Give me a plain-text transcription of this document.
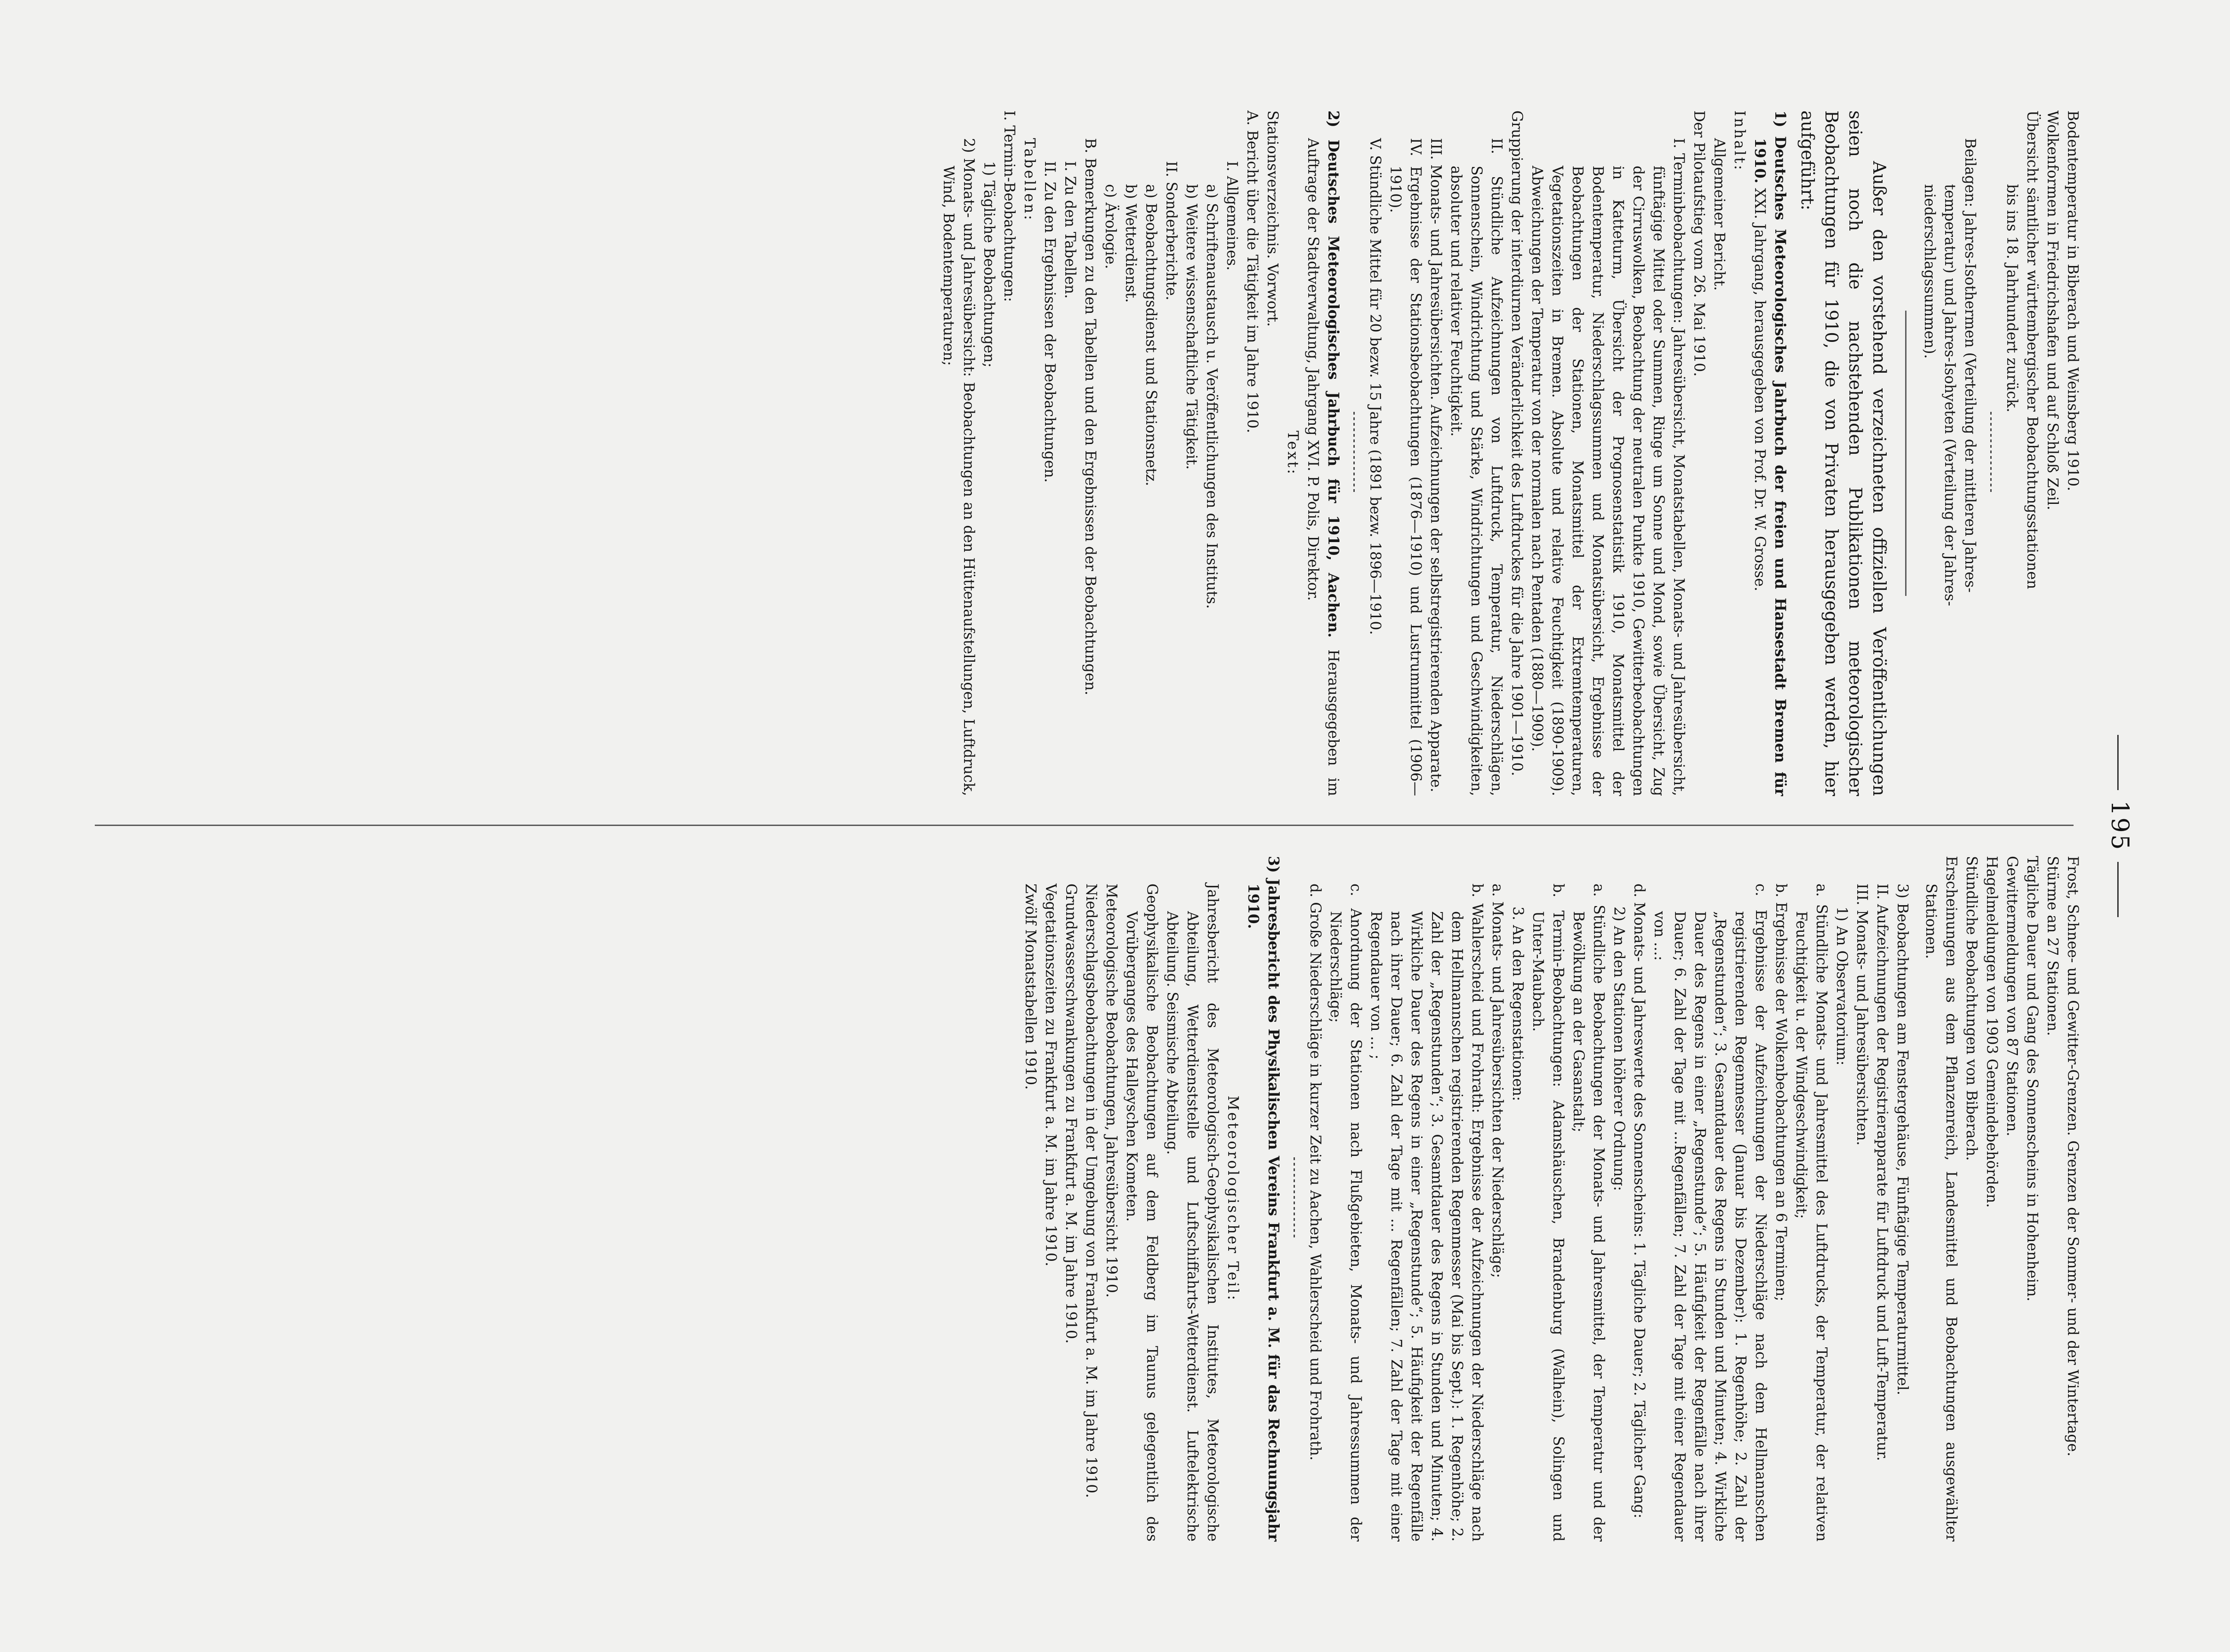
195

Bodentemperatur in Biberach und Weinsberg 1910.

Wolkenformen in Friedrichshafen und auf Schloß Zeil.

Übersicht sämtlicher württembergischer Beobachtungsstationen

bis ins 18. Jahrhundert zurück.

Beilagen: Jahres-Isothermen (Verteilung der mittleren Jahres-

temperatur) und Jahres-Isohyeten (Verteilung der Jahres-

niederschlagssummen).

Außer den vorstehend verzeichneten offiziellen Veröffentlichungen seien noch die nachstehenden Publikationen meteorologischer Beobachtungen für 1910, die von Privaten herausgegeben werden, hier aufgeführt:

1) Deutsches Meteorologisches Jahrbuch der freien und Hansestadt Bremen für 1910. XXI. Jahrgang, herausgegeben von Prof. Dr. W. Grosse.

Inhalt:

Allgemeiner Bericht.

Der Pilotaufstieg vom 26. Mai 1910.

I. Terminbeobachtungen: Jahresübersicht, Monatstabellen, Monats- und Jahresübersicht, fünftägige Mittel oder Summen, Ringe um Sonne und Mond, sowie Übersicht, Zug der Cirruswolken, Beobachtung der neutralen Punkte 1910, Gewitterbeobachtungen in Katteturm, Übersicht der Prognosenstatistik 1910, Monatsmittel der Bodentemperatur, Niederschlagssummen und Monatsübersicht, Ergebnisse der Beobachtungen der Stationen, Monatsmittel der Extremtemperaturen, Vegetationszeiten in Bremen. Absolute und relative Feuchtigkeit (1890-1909). Abweichungen der Temperatur von der normalen nach Pentaden (1880—1909).

Gruppierung der interdiurnen Veränderlichkeit des Luftdruckes für die Jahre 1901—1910.

II. Stündliche Aufzeichnungen von Luftdruck, Temperatur, Niederschlägen, Sonnenschein, Windrichtung und Stärke, Windrichtungen und Geschwindigkeiten, absoluter und relativer Feuchtigkeit.

III. Monats- und Jahresübersichten. Aufzeichnungen der selbstregistrierenden Apparate.

IV. Ergebnisse der Stationsbeobachtungen (1876—1910) und Lustrummittel (1906—1910).

V. Stündliche Mittel für 20 bezw. 15 Jahre (1891 bezw. 1896—1910.

2) Deutsches Meteorologisches Jahrbuch für 1910, Aachen. Herausgegeben im Auftrage der Stadtverwaltung, Jahrgang XVI. P. Polis, Direktor.

Text:

Stationsverzeichnis. Vorwort.

A. Bericht über die Tätigkeit im Jahre 1910.

I. Allgemeines.

a) Schriftenaustausch u. Veröffentlichungen des Instituts.

b) Weitere wissenschaftliche Tätigkeit.

II. Sonderberichte.

a) Beobachtungsdienst und Stationsnetz.

b) Wetterdienst.

c) Ärologie.

B. Bemerkungen zu den Tabellen und den Ergebnissen der Beobachtungen.

I. Zu den Tabellen.

II. Zu den Ergebnissen der Beobachtungen.

Tabellen:

I. Termin-Beobachtungen:

1) Tägliche Beobachtungen;

2) Monats- und Jahresübersicht: Beobachtungen an den Hüttenaufstellungen, Luftdruck, Wind, Bodentemperaturen;

Frost, Schnee- und Gewitter-Grenzen. Grenzen der Sommer- und der Wintertage.

Stürme an 27 Stationen.

Tägliche Dauer und Gang des Sonnenscheins in Hohenheim.

Gewittermeldungen von 87 Stationen.

Hagelmeldungen von 1903 Gemeindebehörden.

Stündliche Beobachtungen von Biberach.

Erscheinungen aus dem Pflanzenreich, Landesmittel und Beobachtungen ausgewählter Stationen.

3) Beobachtungen am Fenstergehäuse, Fünftägige Temperaturmittel.

II. Aufzeichnungen der Registrierapparate für Luftdruck und Luft-Temperatur.

III. Monats- und Jahresübersichten.

1) An Observatorium:

a. Stündliche Monats- und Jahresmittel des Luftdrucks, der Temperatur, der relativen Feuchtigkeit u. der Windgeschwindigkeit;

b. Ergebnisse der Wolkenbeobachtungen an 6 Terminen;

c. Ergebnisse der Aufzeichnungen der Niederschläge nach dem Hellmannschen registrierenden Regenmesser (Januar bis Dezember): 1. Regenhöhe; 2. Zahl der „Regenstunden“; 3. Gesamtdauer des Regens in Stunden und Minuten; 4. Wirkliche Dauer des Regens in einer „Regenstunde“; 5. Häufigkeit der Regenfälle nach ihrer Dauer; 6. Zahl der Tage mit ...Regenfällen; 7. Zahl der Tage mit einer Regendauer von ...:

d. Monats- und Jahreswerte des Sonnenscheins: 1. Tägliche Dauer; 2. Täglicher Gang:

2) An den Stationen höherer Ordnung:

a. Stündliche Beobachtungen der Monats- und Jahresmittel, der Temperatur und der Bewölkung an der Gasanstalt;

b. Termin-Beobachtungen: Adamshäuschen, Brandenburg (Walhein), Solingen und Unter-Maubach.

3. An den Regenstationen:

a. Monats- und Jahresübersichten der Niederschläge;

b. Wahlerscheid und Frohrath: Ergebnisse der Aufzeichnungen der Niederschläge nach dem Hellmannschen registrierenden Regenmesser (Mai bis Sept.): 1. Regenhöhe; 2. Zahl der „Regenstunden“; 3. Gesamtdauer des Regens in Stunden und Minuten; 4. Wirkliche Dauer des Regens in einer „Regenstunde“; 5. Häufigkeit der Regenfälle nach ihrer Dauer; 6. Zahl der Tage mit ... Regenfällen; 7. Zahl der Tage mit einer Regendauer von ... ;

c. Anordnung der Stationen nach Flußgebieten, Monats- und Jahressummen der Niederschläge;

d. Große Niederschläge in kurzer Zeit zu Aachen, Wahlerscheid und Frohrath.

3) Jahresbericht des Physikalischen Vereins Frankfurt a. M. für das Rechnungsjahr 1910.

Meteorologischer Teil:

Jahresbericht des Meteorologisch-Geophysikalischen Institutes, Meteorologische Abteilung, Wetterdienststelle und Luftschiffahrts-Wetterdienst. Luftelektrische Abteilung. Seismische Abteilung.

Geophysikalische Beobachtungen auf dem Feldberg im Taunus gelegentlich des Vorüberganges des Halleyschen Kometen.

Meteorologische Beobachtungen, Jahresübersicht 1910.

Niederschlagsbeobachtungen in der Umgebung von Frankfurt a. M. im Jahre 1910.

Grundwasserschwankungen zu Frankfurt a. M. im Jahre 1910.

Vegetationszeiten zu Frankfurt a. M. im Jahre 1910.

Zwölf Monatstabellen 1910.
